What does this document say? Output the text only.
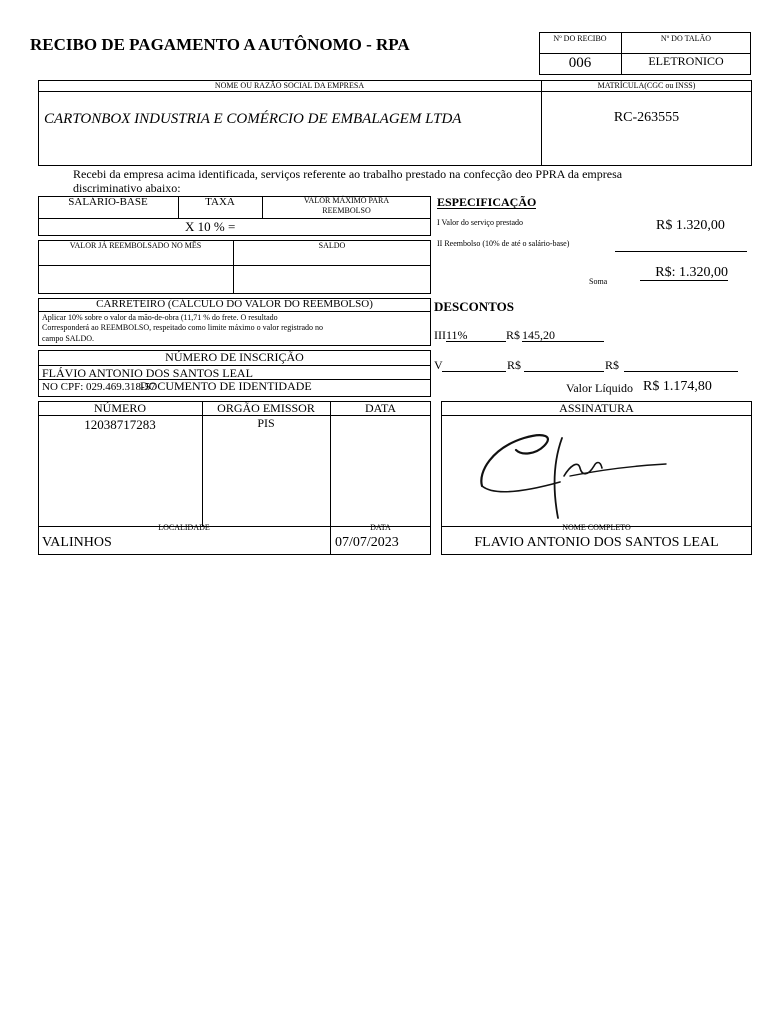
RECIBO DE PAGAMENTO A AUTÔNOMO - RPA	Nº DO RECIBO	Nº DO TALÃO
006	ELETRONICO
NOME OU RAZÃO SOCIAL DA EMPRESA	MATRÍCULA(CGC ou INSS)
CARTONBOX INDUSTRIA E COMÉRCIO DE EMBALAGEM LTDA	RC-263555
Recebi da empresa acima identificada, serviços referente ao trabalho prestado na confecção deo PPRA da empresa
discriminativo abaixo:
SALÁRIO-BASE	TAXA	VALOR MÁXIMO PARA
REEMBOLSO
X 10 % =
VALOR JÁ REEMBOLSADO NO MÊS	SALDO
CARRETEIRO (CÁLCULO DO VALOR DO REEMBOLSO)
Aplicar 10% sobre o valor da mão-de-obra (11,71 % do frete. O resultado
Corresponderá ao REEMBOLSO, respeitado como limite máximo o valor registrado no
campo SALDO.
ESPECIFICAÇÃO
I Valor do serviço prestado	R$ 1.320,00
II Reembolso (10% de até o salário-base)
Soma
R$: 1.320,00
DESCONTOS
III 11%	R$ 145,20
V	R$	R$
Valor Líquido R$ 1.174,80
NÚMERO DE INSCRIÇÃO
FLÁVIO ANTONIO DOS SANTOS LEAL
NO CPF: 029.469.318-57
DOCUMENTO DE IDENTIDADE
NÚMERO	ORGÃO EMISSOR	DATA
12038717283	PIS
ASSINATURA
LOCALIDADE	DATA	NOME COMPLETO
VALINHOS	07/07/2023	FLAVIO ANTONIO DOS SANTOS LEAL
